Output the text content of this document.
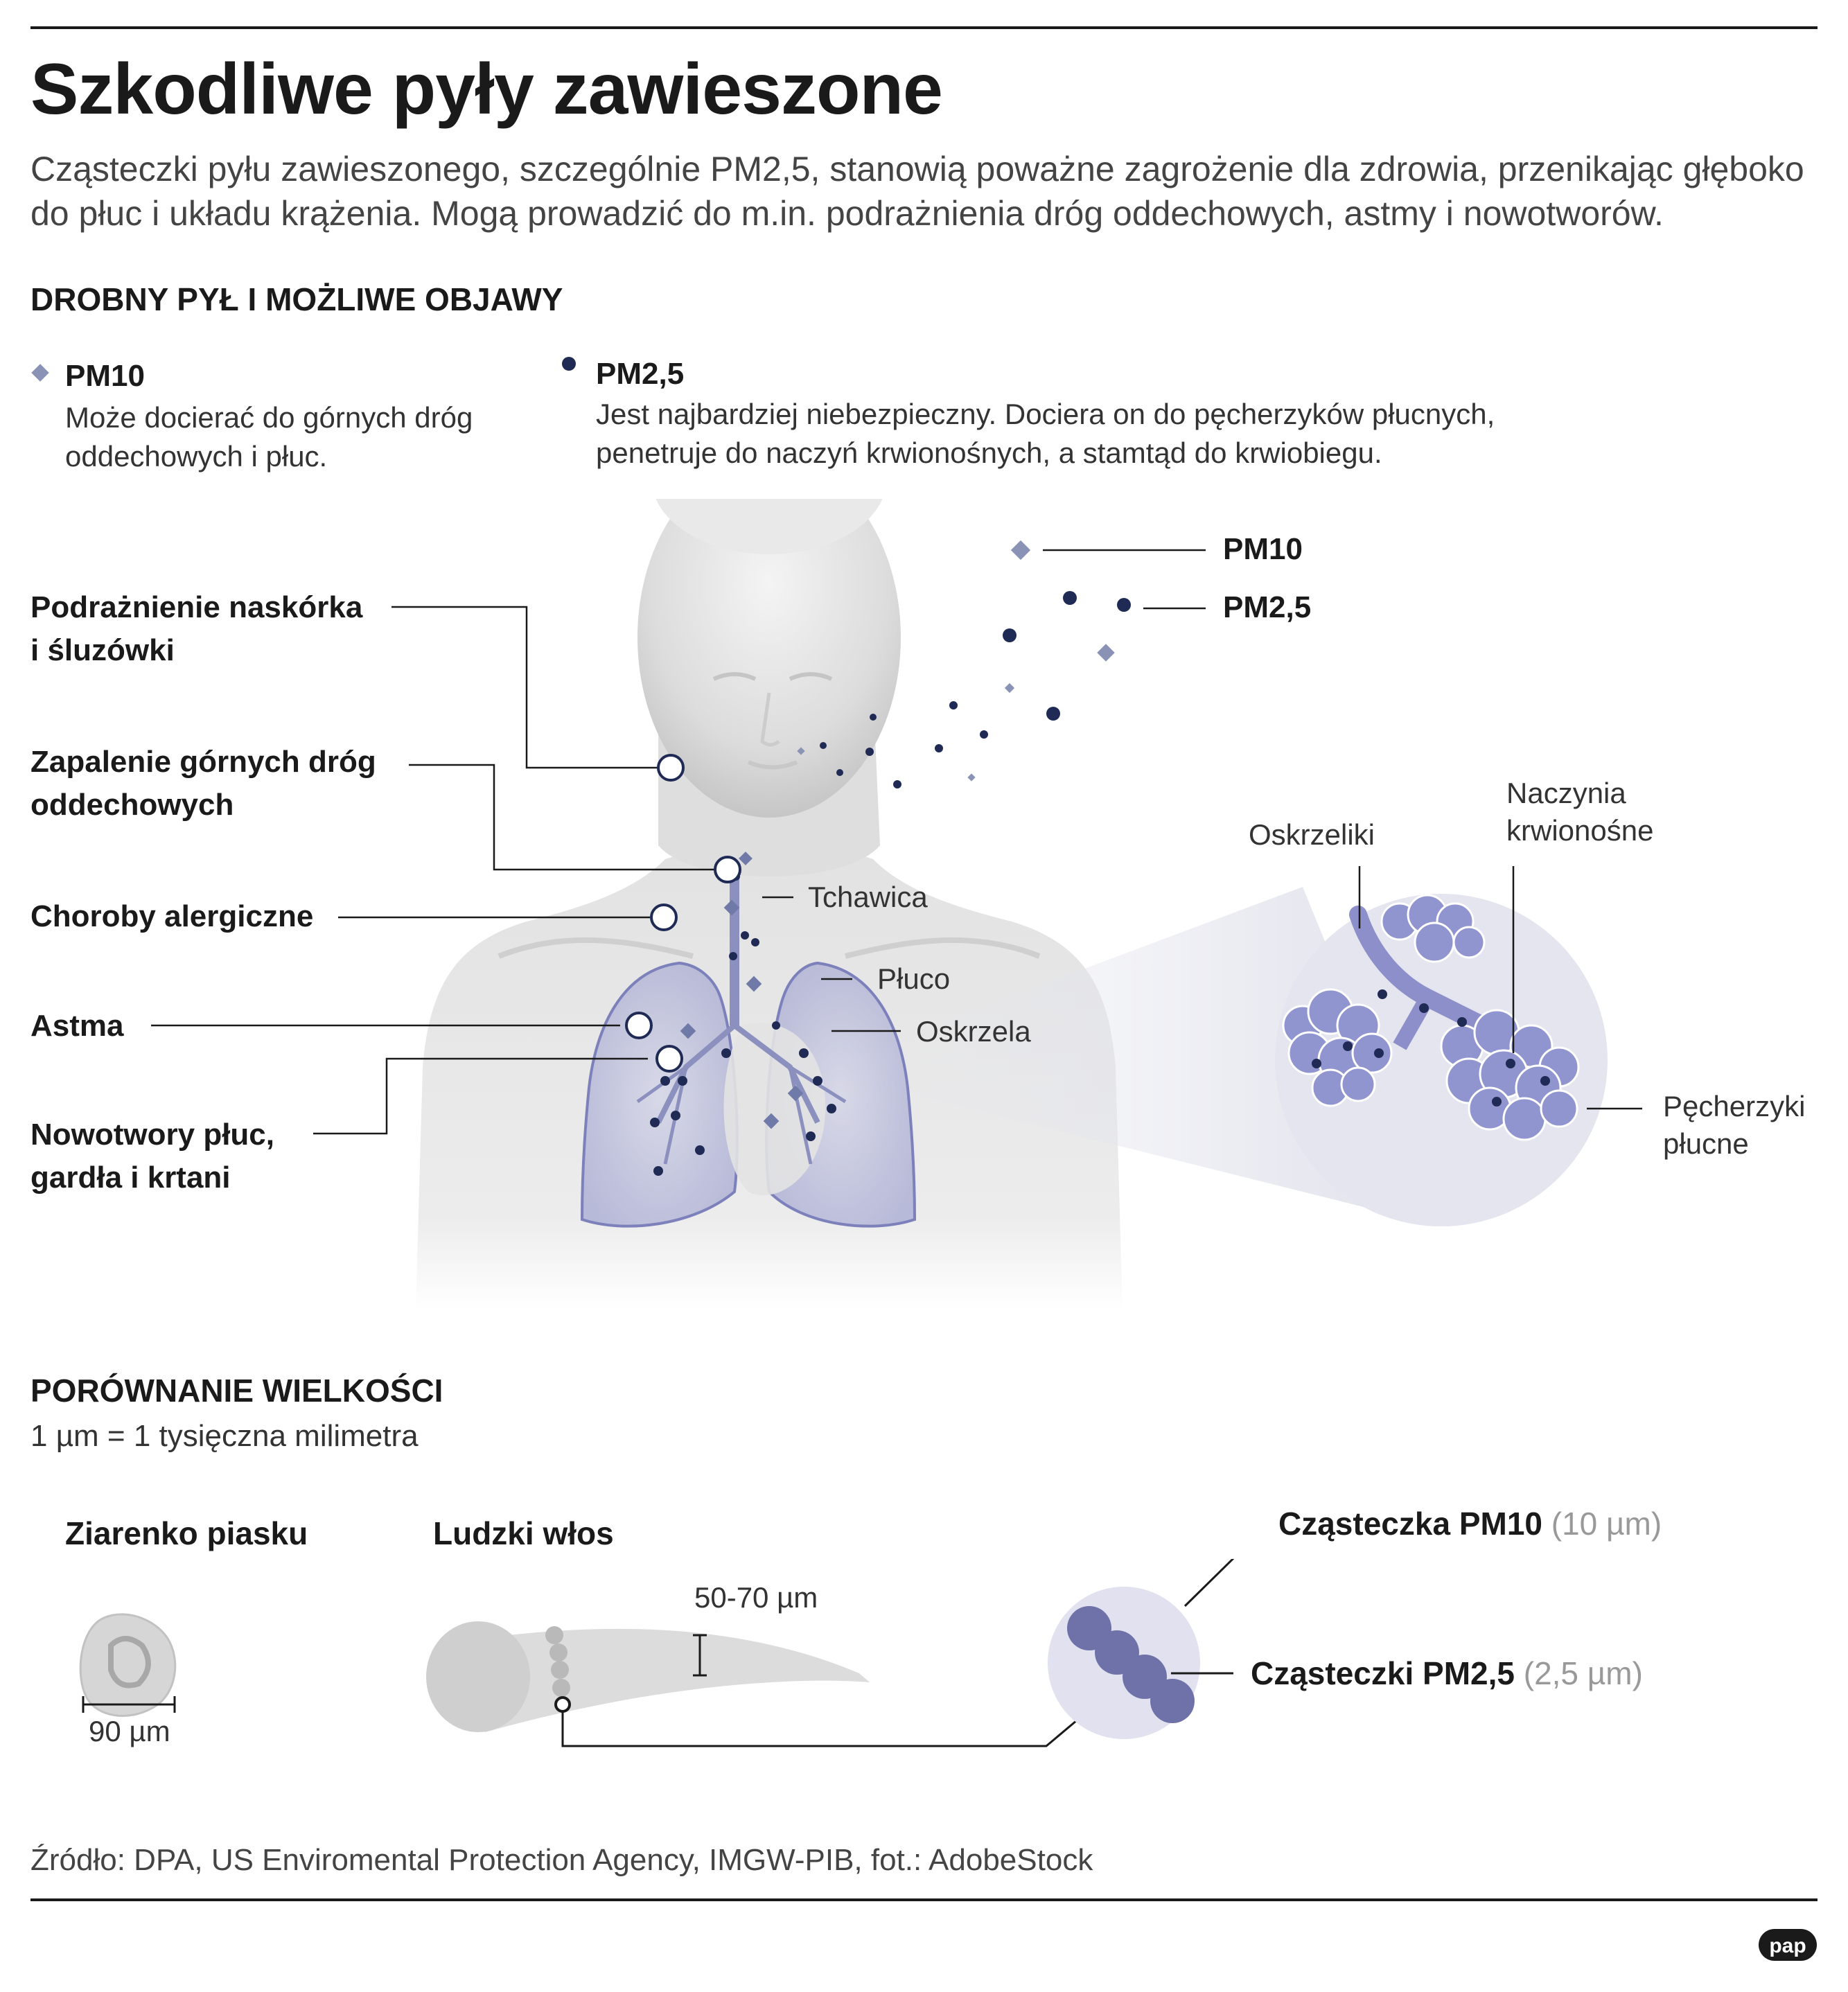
Szkodliwe pyły zawieszone
Cząsteczki pyłu zawieszonego, szczególnie PM2,5, stanowią poważne zagrożenie dla zdrowia, przenikając głęboko do płuc i układu krążenia. Mogą prowadzić do m.in. podrażnienia dróg oddechowych, astmy i nowotworów.
DROBNY PYŁ I MOŻLIWE OBJAWY
PM10
Może docierać do górnych dróg
oddechowych i płuc.
PM2,5
Jest najbardziej niebezpieczny. Dociera on do pęcherzyków płucnych,
penetruje do naczyń krwionośnych, a stamtąd do krwiobiegu.
Podrażnienie naskórka
i śluzówki
Zapalenie górnych dróg
oddechowych
Choroby alergiczne
Astma
Nowotwory płuc,
gardła i krtani
Tchawica
Płuco
Oskrzela
PM10
PM2,5
Oskrzeliki
Naczynia
krwionośne
Pęcherzyki
płucne
PORÓWNANIE WIELKOŚCI
1 µm = 1 tysięczna milimetra
Ziarenko piasku	Ludzki włos
90 µm
50-70 µm
Cząsteczka PM10 (10 µm)
Cząsteczki PM2,5 (2,5 µm)
Źródło: DPA, US Enviromental Protection Agency, IMGW-PIB, fot.: AdobeStock
pap
